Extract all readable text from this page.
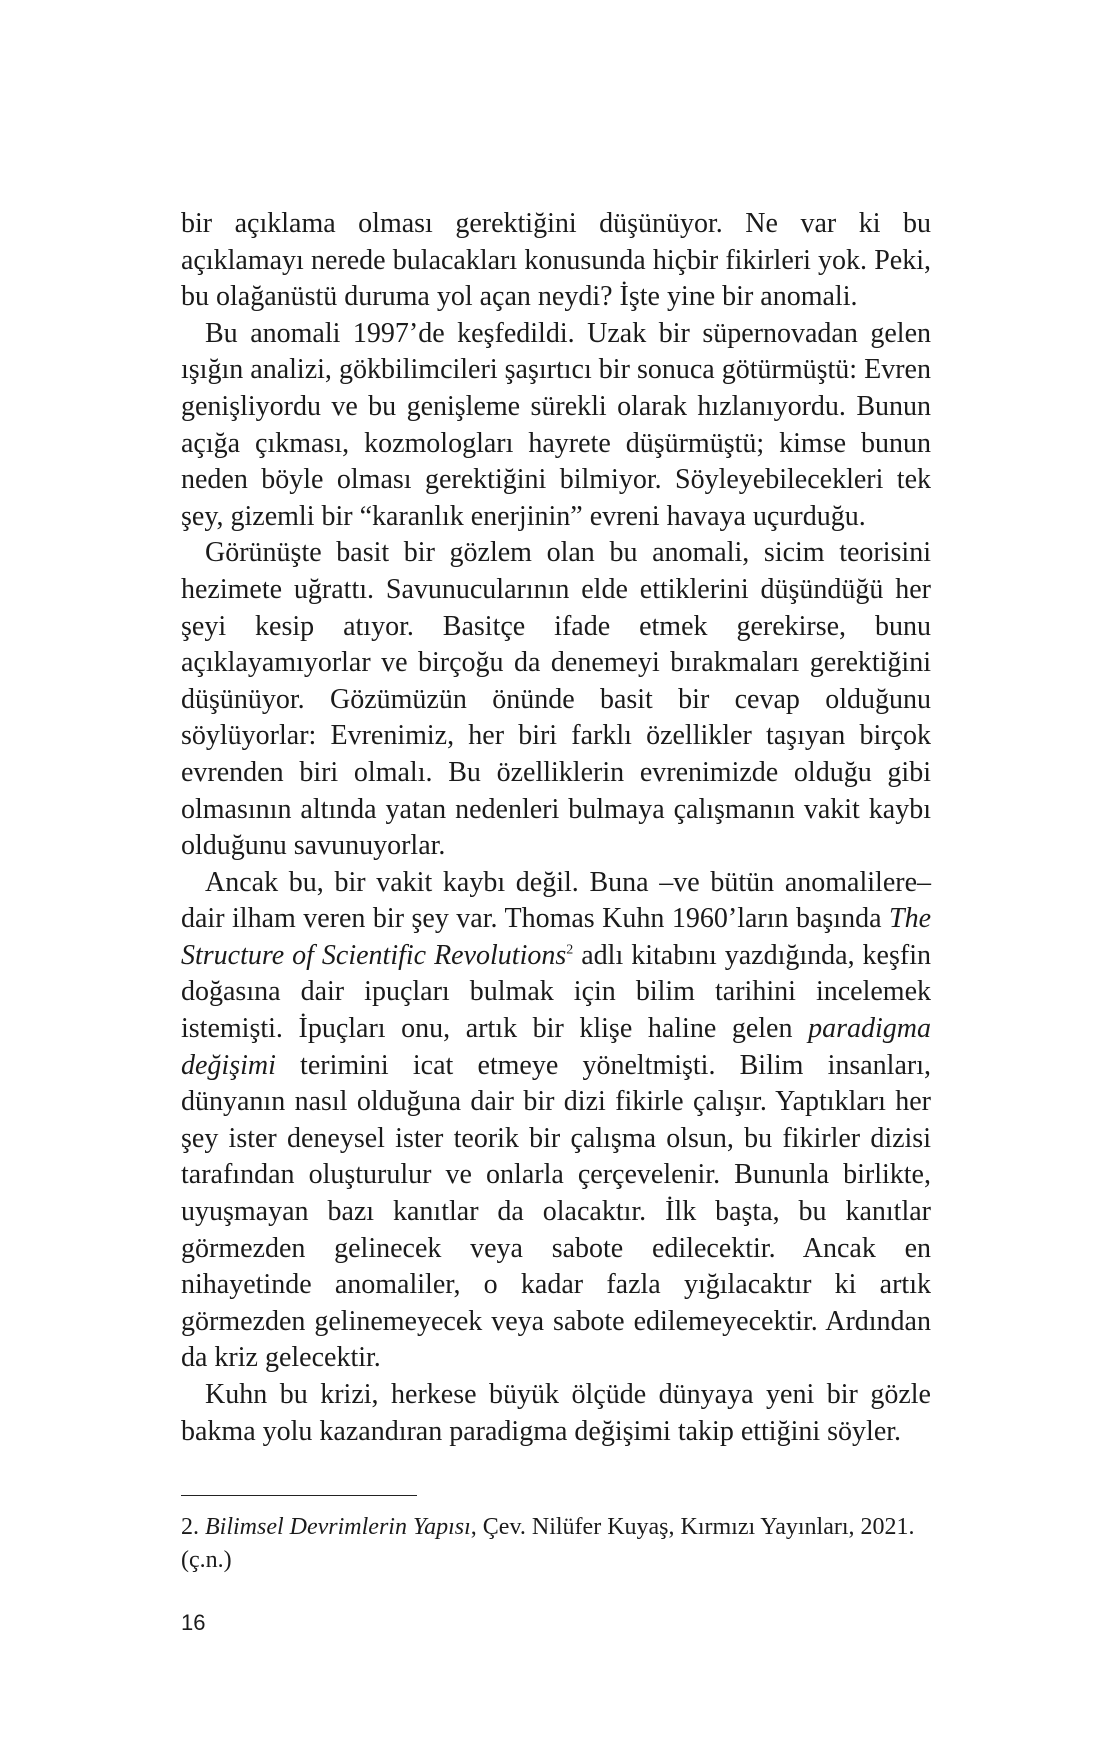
bir açıklama olması gerektiğini düşünüyor. Ne var ki bu açıklamayı nerede bulacakları konusunda hiçbir fikirleri yok. Peki, bu olağanüstü duruma yol açan neydi? İşte yine bir anomali.

Bu anomali 1997’de keşfedildi. Uzak bir süpernovadan gelen ışığın analizi, gökbilimcileri şaşırtıcı bir sonuca götürmüştü: Evren genişliyordu ve bu genişleme sürekli olarak hızlanıyordu. Bunun açığa çıkması, kozmologları hayrete düşürmüştü; kimse bunun neden böyle olması gerektiğini bilmiyor. Söyleyebilecekleri tek şey, gizemli bir “karanlık enerjinin” evreni havaya uçurduğu.

Görünüşte basit bir gözlem olan bu anomali, sicim teorisini hezimete uğrattı. Savunucularının elde ettiklerini düşündüğü her şeyi kesip atıyor. Basitçe ifade etmek gerekirse, bunu açıklayamıyorlar ve birçoğu da denemeyi bırakmaları gerektiğini düşünüyor. Gözümüzün önünde basit bir cevap olduğunu söylüyorlar: Evrenimiz, her biri farklı özellikler taşıyan birçok evrenden biri olmalı. Bu özelliklerin evrenimizde olduğu gibi olmasının altında yatan nedenleri bulmaya çalışmanın vakit kaybı olduğunu savunuyorlar.

Ancak bu, bir vakit kaybı değil. Buna –ve bütün anomalilere– dair ilham veren bir şey var. Thomas Kuhn 1960’ların başında The Structure of Scientific Revolutions$^2$ adlı kitabını yazdığında, keşfin doğasına dair ipuçları bulmak için bilim tarihini incelemek istemişti. İpuçları onu, artık bir klişe haline gelen paradigma değişimi terimini icat etmeye yöneltmişti. Bilim insanları, dünyanın nasıl olduğuna dair bir dizi fikirle çalışır. Yaptıkları her şey ister deneysel ister teorik bir çalışma olsun, bu fikirler dizisi tarafından oluşturulur ve onlarla çerçevelenir. Bununla birlikte, uyuşmayan bazı kanıtlar da olacaktır. İlk başta, bu kanıtlar görmezden gelinecek veya sabote edilecektir. Ancak en nihayetinde anomaliler, o kadar fazla yığılacaktır ki artık görmezden gelinemeyecek veya sabote edilemeyecektir. Ardından da kriz gelecektir.

Kuhn bu krizi, herkese büyük ölçüde dünyaya yeni bir gözle bakma yolu kazandıran paradigma değişimi takip ettiğini söyler.

2. Bilimsel Devrimlerin Yapısı, Çev. Nilüfer Kuyaş, Kırmızı Yayınları, 2021. (ç.n.)
16
